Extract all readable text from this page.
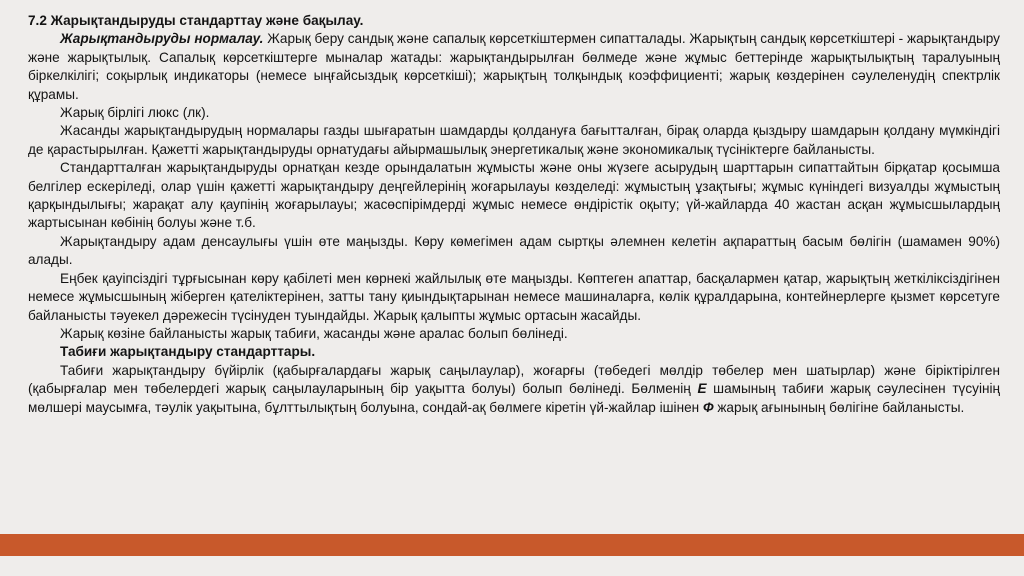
7.2 Жарықтандыруды стандарттау және бақылау.

Жарықтандыруды нормалау. Жарық беру сандық және сапалық көрсеткіштермен сипатталады. Жарықтың сандық көрсеткіштері - жарықтандыру және жарықтылық. Сапалық көрсеткіштерге мыналар жатады: жарықтандырылған бөлмеде және жұмыс беттерінде жарықтылықтың таралуының біркелкілігі; соқырлық индикаторы (немесе ыңғайсыздық көрсеткіші); жарықтың толқындық коэффициенті; жарық көздерінен сәулеленудің спектрлік құрамы.

Жарық бірлігі люкс (лк).

Жасанды жарықтандырудың нормалары газды шығаратын шамдарды қолдануға бағытталған, бірақ оларда қыздыру шамдарын қолдану мүмкіндігі де қарастырылған. Қажетті жарықтандыруды орнатудағы айырмашылық энергетикалық және экономикалық түсініктерге байланысты.

Стандартталған жарықтандыруды орнатқан кезде орындалатын жұмысты және оны жүзеге асырудың шарттарын сипаттайтын бірқатар қосымша белгілер ескеріледі, олар үшін қажетті жарықтандыру деңгейлерінің жоғарылауы көзделеді: жұмыстың ұзақтығы; жұмыс күніндегі визуалды жұмыстың қарқындылығы; жарақат алу қаупінің жоғарылауы; жасөспірімдерді жұмыс немесе өндірістік оқыту; үй-жайларда 40 жастан асқан жұмысшылардың жартысынан көбінің болуы және т.б.

Жарықтандыру адам денсаулығы үшін өте маңызды. Көру көмегімен адам сыртқы әлемнен келетін ақпараттың басым бөлігін (шамамен 90%) алады.

Еңбек қауіпсіздігі тұрғысынан көру қабілеті мен көрнекі жайлылық өте маңызды. Көптеген апаттар, басқалармен қатар, жарықтың жеткіліксіздігінен немесе жұмысшының жіберген қателіктерінен, затты тану қиындықтарынан немесе машиналарға, көлік құралдарына, контейнерлерге қызмет көрсетуге байланысты тәуекел дәрежесін түсінуден туындайды. Жарық қалыпты жұмыс ортасын жасайды.

Жарық көзіне байланысты жарық табиғи, жасанды және аралас болып бөлінеді.

Табиғи жарықтандыру стандарттары.

Табиғи жарықтандыру бүйірлік (қабырғалардағы жарық саңылаулар), жоғарғы (төбедегі мөлдір төбелер мен шатырлар) және біріктірілген (қабырғалар мен төбелердегі жарық саңылауларының бір уақытта болуы) болып бөлінеді. Бөлменің E шамының табиғи жарық сәулесінен түсуінің мөлшері маусымға, тәулік уақытына, бұлттылықтың болуына, сондай-ақ бөлмеге кіретін үй-жайлар ішінен Ф жарық ағынының бөлігіне байланысты.
